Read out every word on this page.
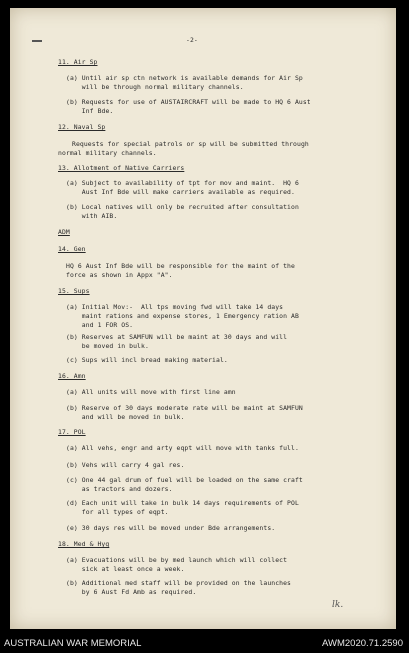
-2-
11. Air Sp
(a) Until air sp ctn network is available demands for Air Sp
will be through normal military channels.
(b) Requests for use of AUSTAIRCRAFT will be made to HQ 6 Aust
Inf Bde.
12. Naval Sp
Requests for special patrols or sp will be submitted through
normal military channels.
13. Allotment of Native Carriers
(a) Subject to availability of tpt for mov and maint.  HQ 6
Aust Inf Bde will make carriers available as required.
(b) Local natives will only be recruited after consultation
with AIB.
ADM
14. Gen
HQ 6 Aust Inf Bde will be responsible for the maint of the
force as shown in Appx "A".
15. Sups
(a) Initial Mov:-  All tps moving fwd will take 14 days
maint rations and expense stores, 1 Emergency ration AB
and 1 FOR OS.
(b) Reserves at SAMFUN will be maint at 30 days and will
be moved in bulk.
(c) Sups will incl bread making material.
16. Amn
(a) All units will move with first line amn
(b) Reserve of 30 days moderate rate will be maint at SAMFUN
and will be moved in bulk.
17. POL
(a) All vehs, engr and arty eqpt will move with tanks full.
(b) Vehs will carry 4 gal res.
(c) One 44 gal drum of fuel will be loaded on the same craft
as tractors and dozers.
(d) Each unit will take in bulk 14 days requirements of POL
for all types of eqpt.
(e) 30 days res will be moved under Bde arrangements.
18. Med & Hyg
(a) Evacuations will be by med launch which will collect
sick at least once a week.
(b) Additional med staff will be provided on the launches
by 6 Aust Fd Amb as required.
lk.
AUSTRALIAN WAR MEMORIAL	AWM2020.71.2590
